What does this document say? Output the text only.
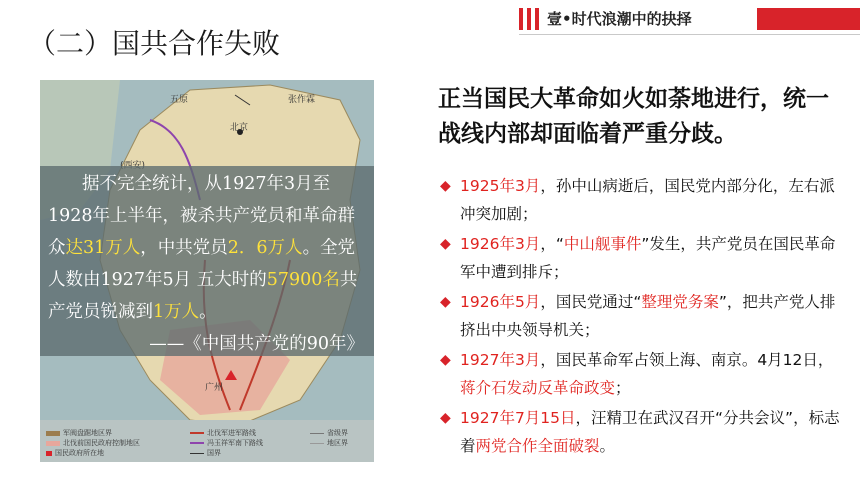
壹•时代浪潮中的抉择
（二）国共合作失败
五原	张作霖
北京
广州
据不完全统计，从1927年3月至1928年上半年，被杀共产党员和革命群众达31万人，中共党员2．6万人。全党人数由1927年5月 五大时的57900名共产党员锐减到1万人。
——《中国共产党的90年》
军阀盘踞地区界
北伐前国民政府控制地区
国民政府所在地
北伐军进军路线
冯玉祥军南下路线
国界
省级界
地区界
正当国民大革命如火如荼地进行，统一战线内部却面临着严重分歧。
◆ 1925年3月，孙中山病逝后，国民党内部分化，左右派冲突加剧；
◆ 1926年3月，“中山舰事件”发生，共产党员在国民革命军中遭到排斥；
◆ 1926年5月，国民党通过“整理党务案”，把共产党人排挤出中央领导机关；
◆ 1927年3月，国民革命军占领上海、南京。4月12日，蒋介石发动反革命政变；
◆ 1927年7月15日，汪精卫在武汉召开“分共会议”，标志着两党合作全面破裂。
